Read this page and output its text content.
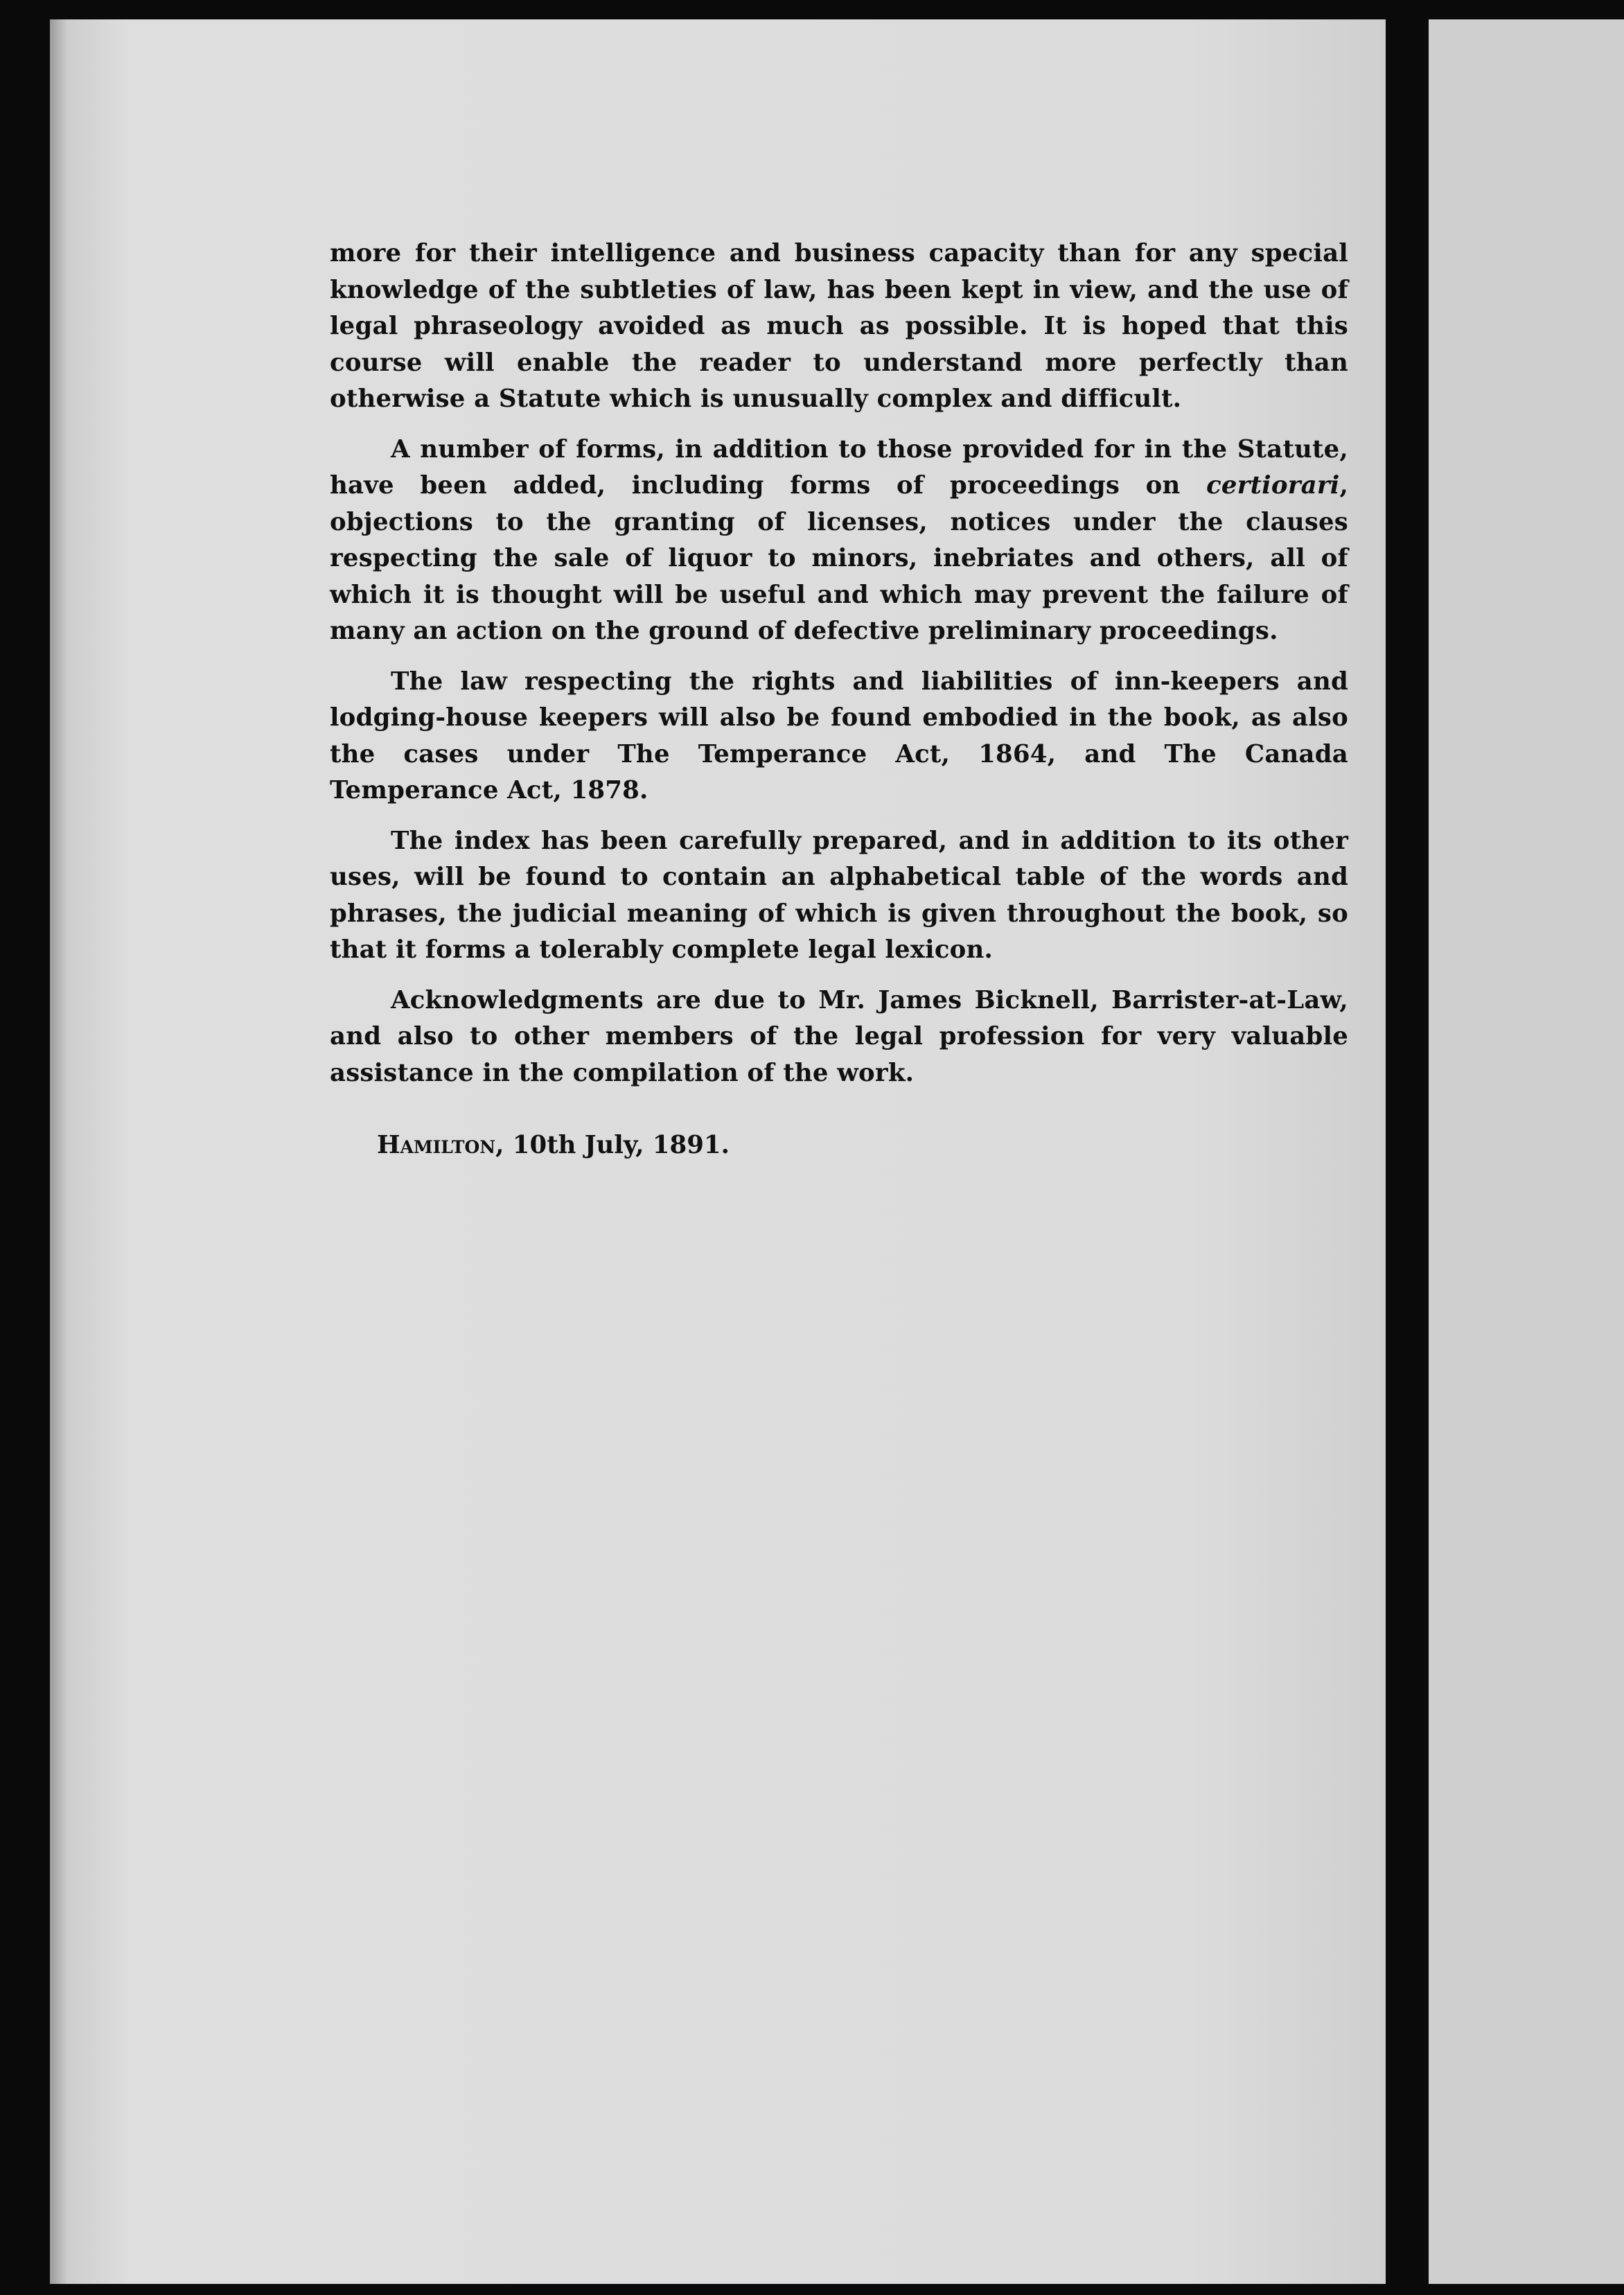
more for their intelligence and business capacity than for any special knowledge of the subtleties of law, has been kept in view, and the use of legal phraseology avoided as much as possible. It is hoped that this course will enable the reader to understand more perfectly than otherwise a Statute which is unusually complex and difficult.

A number of forms, in addition to those provided for in the Statute, have been added, including forms of proceedings on certiorari, objections to the granting of licenses, notices under the clauses respecting the sale of liquor to minors, inebriates and others, all of which it is thought will be useful and which may prevent the failure of many an action on the ground of defective preliminary proceedings.

The law respecting the rights and liabilities of inn-keepers and lodging-house keepers will also be found embodied in the book, as also the cases under The Temperance Act, 1864, and The Canada Temperance Act, 1878.

The index has been carefully prepared, and in addition to its other uses, will be found to contain an alphabetical table of the words and phrases, the judicial meaning of which is given throughout the book, so that it forms a tolerably complete legal lexicon.

Acknowledgments are due to Mr. James Bicknell, Barrister-at-Law, and also to other members of the legal profession for very valuable assistance in the compilation of the work.

Hamilton, 10th July, 1891.
